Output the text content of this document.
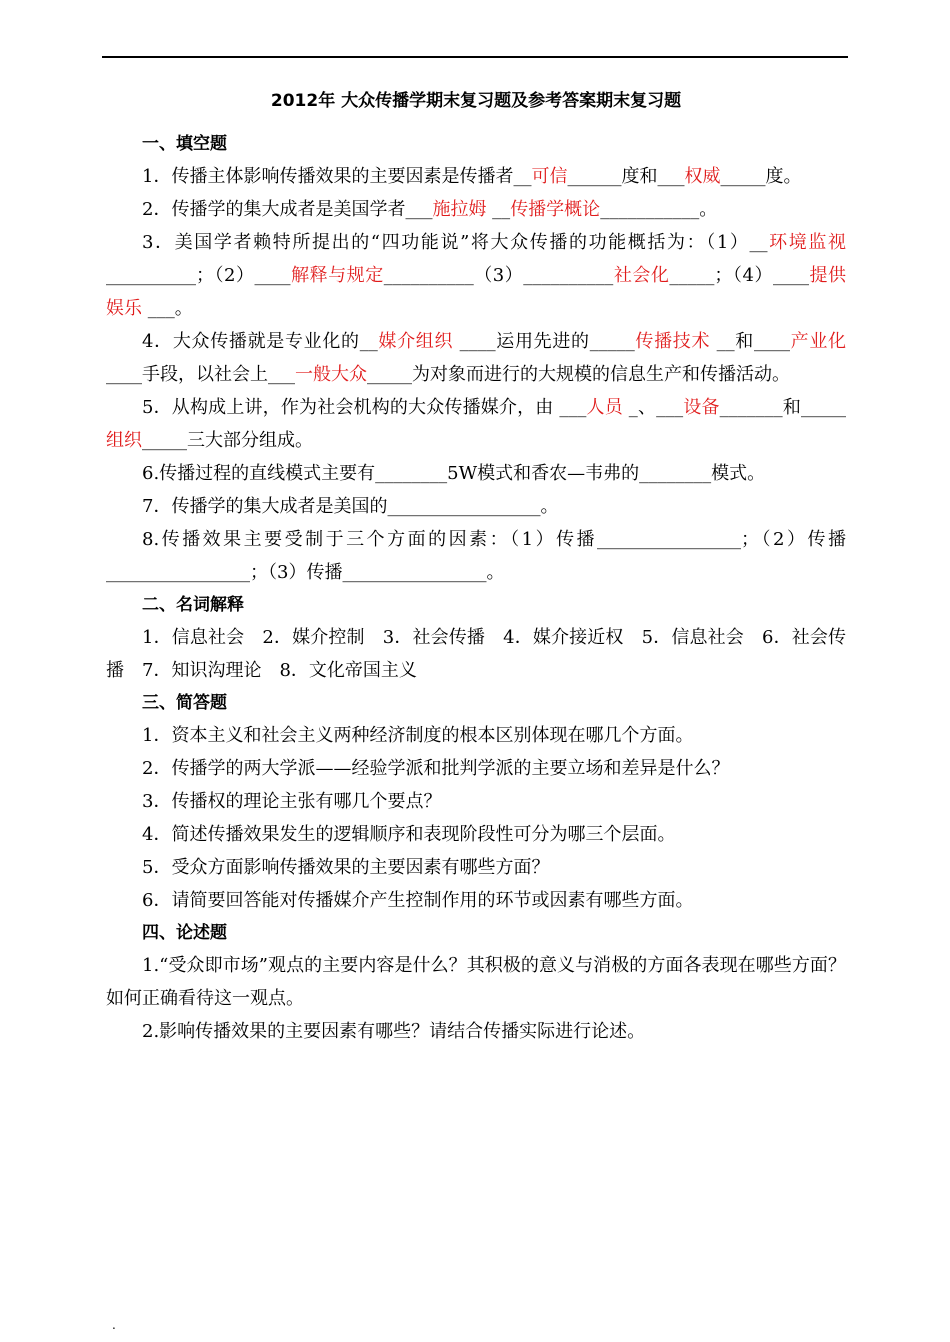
2012年 大众传播学期末复习题及参考答案期末复习题
一、填空题
1．传播主体影响传播效果的主要因素是传播者__可信______度和___权威_____度。
2．传播学的集大成者是美国学者___施拉姆 __传播学概论___________。
3．美国学者赖特所提出的“四功能说”将大众传播的功能概括为：（1）__环境监视 __________；（2）____解释与规定__________（3）__________社会化_____；（4）____提供娱乐 ___。
4．大众传播就是专业化的__媒介组织 ____运用先进的_____传播技术 __和____产业化____手段，以社会上___一般大众_____为对象而进行的大规模的信息生产和传播活动。
5．从构成上讲，作为社会机构的大众传播媒介，由 ___人员 _、___设备_______和_____组织_____三大部分组成。
6.传播过程的直线模式主要有________5W模式和香农—韦弗的________模式。
7．传播学的集大成者是美国的_________________。
8.传播效果主要受制于三个方面的因素：（1）传播________________；（2）传播________________；（3）传播________________。
二、名词解释
1．信息社会　2．媒介控制　3．社会传播　4．媒介接近权　5．信息社会　6．社会传播　7．知识沟理论　8．文化帝国主义
三、简答题
1．资本主义和社会主义两种经济制度的根本区别体现在哪几个方面。
2．传播学的两大学派——经验学派和批判学派的主要立场和差异是什么？
3．传播权的理论主张有哪几个要点？
4．简述传播效果发生的逻辑顺序和表现阶段性可分为哪三个层面。
5．受众方面影响传播效果的主要因素有哪些方面？
6．请简要回答能对传播媒介产生控制作用的环节或因素有哪些方面。
四、论述题
1.“受众即市场”观点的主要内容是什么？其积极的意义与消极的方面各表现在哪些方面？如何正确看待这一观点。
2.影响传播效果的主要因素有哪些？请结合传播实际进行论述。
.
